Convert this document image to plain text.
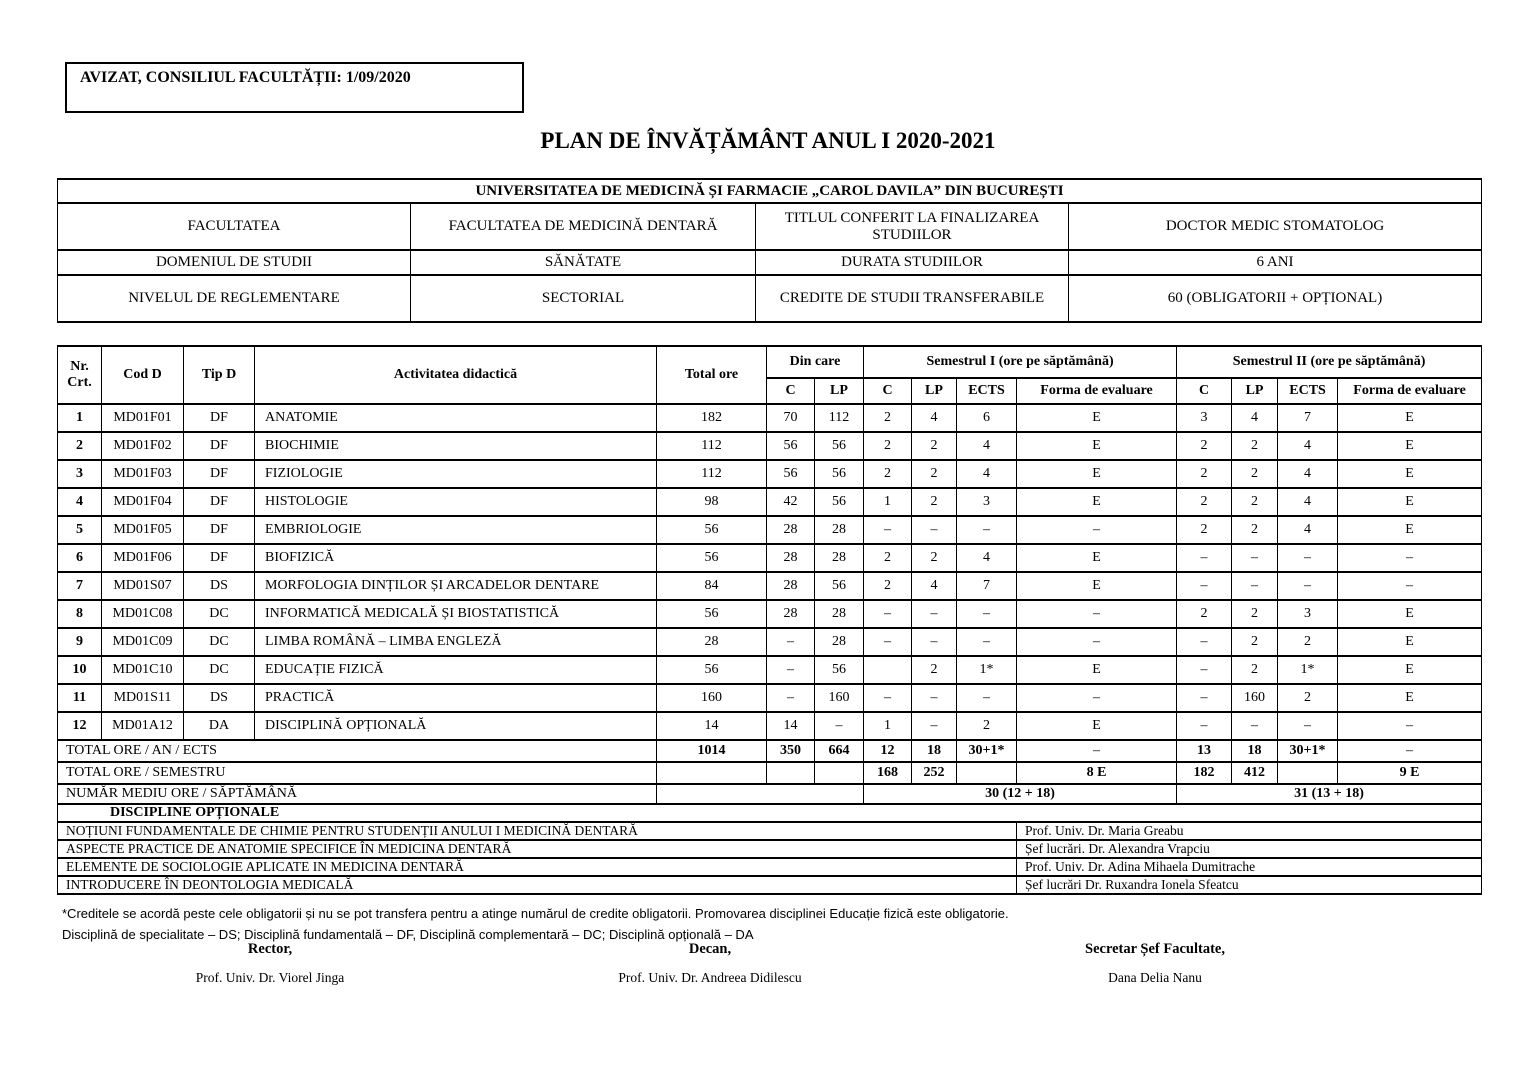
AVIZAT, CONSILIUL FACULTĂȚII: 1/09/2020
PLAN DE ÎNVĂȚĂMÂNT ANUL I 2020-2021
UNIVERSITATEA DE MEDICINĂ ȘI FARMACIE „CAROL DAVILA” DIN BUCUREȘTI			
FACULTATEA	FACULTATEA DE MEDICINĂ DENTARĂ	TITLUL CONFERIT LA FINALIZAREA STUDIILOR	DOCTOR MEDIC STOMATOLOG
DOMENIUL DE STUDII	SĂNĂTATE	DURATA STUDIILOR	6 ANI
NIVELUL DE REGLEMENTARE	SECTORIAL	CREDITE DE STUDII TRANSFERABILE	60 (OBLIGATORII + OPȚIONAL)
Nr. Crt.	Cod D	Tip D	Activitatea didactică	Total ore	Din care		Semestrul I (ore pe săptămână)				Semestrul II (ore pe săptămână)			
					C	LP	C	LP	ECTS	Forma de evaluare	C	LP	ECTS	Forma de evaluare
1	MD01F01	DF	ANATOMIE	182	70	112	2	4	6	E	3	4	7	E
2	MD01F02	DF	BIOCHIMIE	112	56	56	2	2	4	E	2	2	4	E
3	MD01F03	DF	FIZIOLOGIE	112	56	56	2	2	4	E	2	2	4	E
4	MD01F04	DF	HISTOLOGIE	98	42	56	1	2	3	E	2	2	4	E
5	MD01F05	DF	EMBRIOLOGIE	56	28	28	–	–	–	–	2	2	4	E
6	MD01F06	DF	BIOFIZICĂ	56	28	28	2	2	4	E	–	–	–	–
7	MD01S07	DS	MORFOLOGIA DINȚILOR ȘI ARCADELOR DENTARE	84	28	56	2	4	7	E	–	–	–	–
8	MD01C08	DC	INFORMATICĂ MEDICALĂ ȘI BIOSTATISTICĂ	56	28	28	–	–	–	–	2	2	3	E
9	MD01C09	DC	LIMBA ROMÂNĂ – LIMBA ENGLEZĂ	28	–	28	–	–	–	–	–	2	2	E
10	MD01C10	DC	EDUCAȚIE FIZICĂ	56	–	56		2	1*	E	–	2	1*	E
11	MD01S11	DS	PRACTICĂ	160	–	160	–	–	–	–	–	160	2	E
12	MD01A12	DA	DISCIPLINĂ OPȚIONALĂ	14	14	–	1	–	2	E	–	–	–	–
TOTAL ORE / AN / ECTS				1014	350	664	12	18	30+1*	–	13	18	30+1*	–
TOTAL ORE / SEMESTRU							168	252		8 E	182	412		9 E
NUMĂR MEDIU ORE / SĂPTĂMÂNĂ							30 (12 + 18)				31 (13 + 18)			
DISCIPLINE OPȚIONALE														
NOȚIUNI FUNDAMENTALE DE CHIMIE PENTRU STUDENȚII ANULUI I MEDICINĂ DENTARĂ										Prof. Univ. Dr. Maria Greabu				
ASPECTE PRACTICE DE ANATOMIE SPECIFICE ÎN MEDICINA DENTARĂ										Șef lucrări. Dr. Alexandra Vrapciu				
ELEMENTE DE SOCIOLOGIE APLICATE IN MEDICINA DENTARĂ										Prof. Univ. Dr. Adina Mihaela Dumitrache				
INTRODUCERE ÎN DEONTOLOGIA MEDICALĂ										Șef lucrări Dr. Ruxandra Ionela Sfeatcu				
*Creditele se acordă peste cele obligatorii și nu se pot transfera pentru a atinge numărul de credite obligatorii. Promovarea disciplinei Educație fizică este obligatorie.
Disciplină de specialitate – DS; Disciplină fundamentală – DF, Disciplină complementară – DC; Disciplină opțională – DA
Rector,
Prof. Univ. Dr. Viorel Jinga
Decan,
Prof. Univ. Dr. Andreea Didilescu
Secretar Șef Facultate,
Dana Delia Nanu
